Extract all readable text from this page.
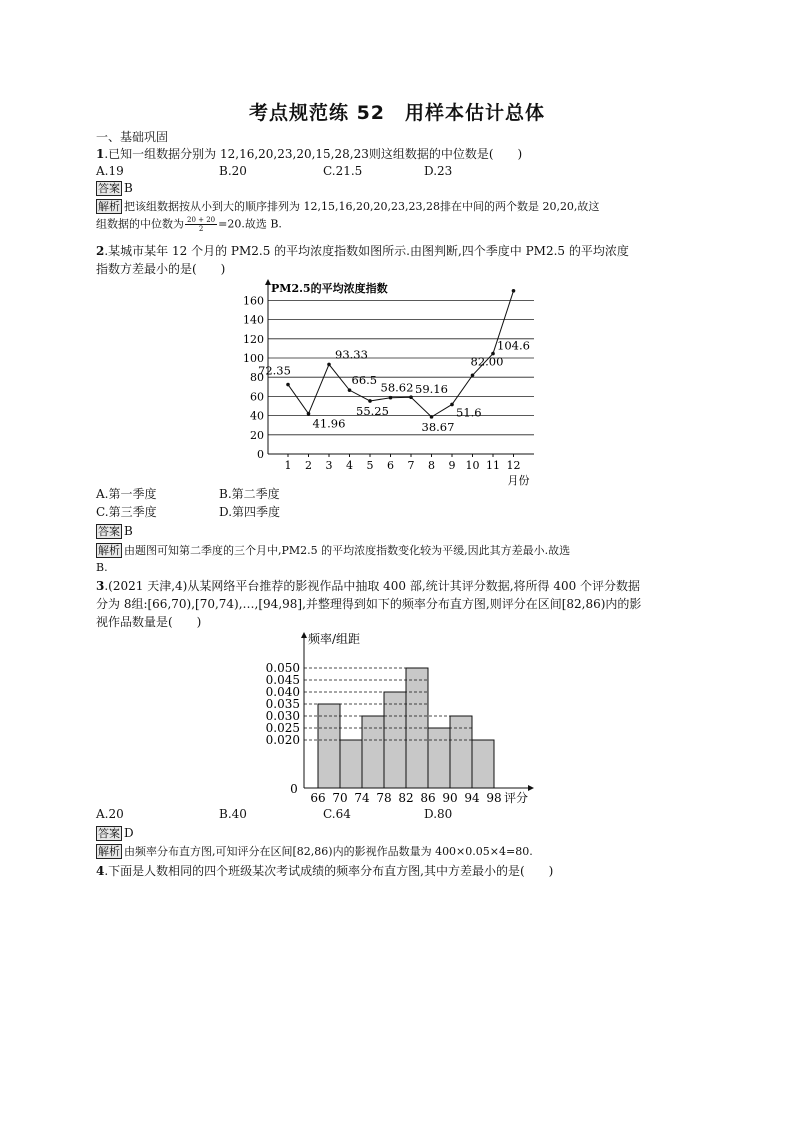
考点规范练 52　用样本估计总体
一、基础巩固
1.已知一组数据分别为 12,16,20,23,20,15,28,23则这组数据的中位数是(　　)
A.19	B.20	C.21.5	D.23
答案 B
解析 把该组数据按从小到大的顺序排列为 12,15,16,20,20,23,23,28排在中间的两个数是 20,20,故这
组数据的中位数为 $\frac{20 + 20}{2} =20$.故选 B.
2.某城市某年 12 个月的 PM2.5 的平均浓度指数如图所示.由图判断,四个季度中 PM2.5 的平均浓度
指数方差最小的是(　　)
0
20
40
60
80
100
120
140
160
PM2.5的平均浓度指数
1 2 3 4 5 6 7 8 9 10 11 12
月份
72.35
41.96
93.33
66.5
55.25
58.62 59.16
38.67
51.6
82.00
104.6
A.第一季度	B.第二季度
C.第三季度	D.第四季度
答案 B
解析 由题图可知第二季度的三个月中,PM2.5 的平均浓度指数变化较为平缓,因此其方差最小.故选
B.
3.(2021 天津,4)从某网络平台推荐的影视作品中抽取 400 部,统计其评分数据,将所得 400 个评分数据
分为 8组:[66,70),[70,74),…,[94,98],并整理得到如下的频率分布直方图,则评分在区间[82,86)内的影
视作品数量是(　　)
频率/组距
0
0.050
0.045
0.040
0.035
0.030
0.025
0.020
66 70 74 78 82 86 90 94 98 评分
A.20	B.40	C.64	D.80
答案 D
解析 由频率分布直方图,可知评分在区间[82,86)内的影视作品数量为 400×0.05×4=80.
4.下面是人数相同的四个班级某次考试成绩的频率分布直方图,其中方差最小的是(　　)
